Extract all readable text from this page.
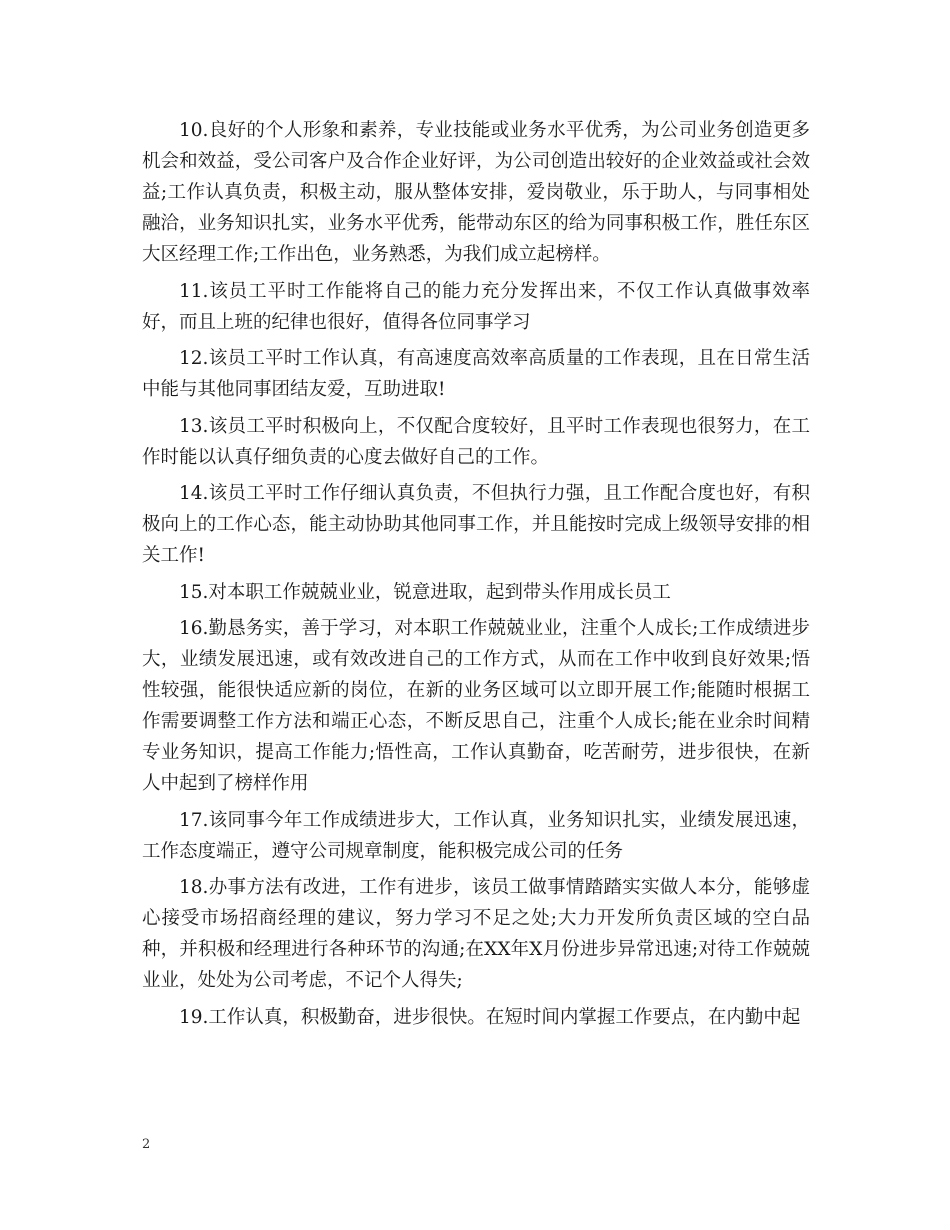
10.良好的个人形象和素养，专业技能或业务水平优秀，为公司业务创造更多机会和效益，受公司客户及合作企业好评，为公司创造出较好的企业效益或社会效益;工作认真负责，积极主动，服从整体安排，爱岗敬业，乐于助人，与同事相处融洽，业务知识扎实，业务水平优秀，能带动东区的给为同事积极工作，胜任东区大区经理工作;工作出色，业务熟悉，为我们成立起榜样。

11.该员工平时工作能将自己的能力充分发挥出来，不仅工作认真做事效率好，而且上班的纪律也很好，值得各位同事学习

12.该员工平时工作认真，有高速度高效率高质量的工作表现，且在日常生活中能与其他同事团结友爱，互助进取!

13.该员工平时积极向上，不仅配合度较好，且平时工作表现也很努力，在工作时能以认真仔细负责的心度去做好自己的工作。

14.该员工平时工作仔细认真负责，不但执行力强，且工作配合度也好，有积极向上的工作心态，能主动协助其他同事工作，并且能按时完成上级领导安排的相关工作!

15.对本职工作兢兢业业，锐意进取，起到带头作用成长员工

16.勤恳务实，善于学习，对本职工作兢兢业业，注重个人成长;工作成绩进步大，业绩发展迅速，或有效改进自己的工作方式，从而在工作中收到良好效果;悟性较强，能很快适应新的岗位，在新的业务区域可以立即开展工作;能随时根据工作需要调整工作方法和端正心态，不断反思自己，注重个人成长;能在业余时间精专业务知识，提高工作能力;悟性高，工作认真勤奋，吃苦耐劳，进步很快，在新人中起到了榜样作用

17.该同事今年工作成绩进步大，工作认真，业务知识扎实，业绩发展迅速，工作态度端正，遵守公司规章制度，能积极完成公司的任务

18.办事方法有改进，工作有进步，该员工做事情踏踏实实做人本分，能够虚心接受市场招商经理的建议，努力学习不足之处;大力开发所负责区域的空白品种，并积极和经理进行各种环节的沟通;在XX年X月份进步异常迅速;对待工作兢兢业业，处处为公司考虑，不记个人得失;

19.工作认真，积极勤奋，进步很快。在短时间内掌握工作要点，在内勤中起

2
